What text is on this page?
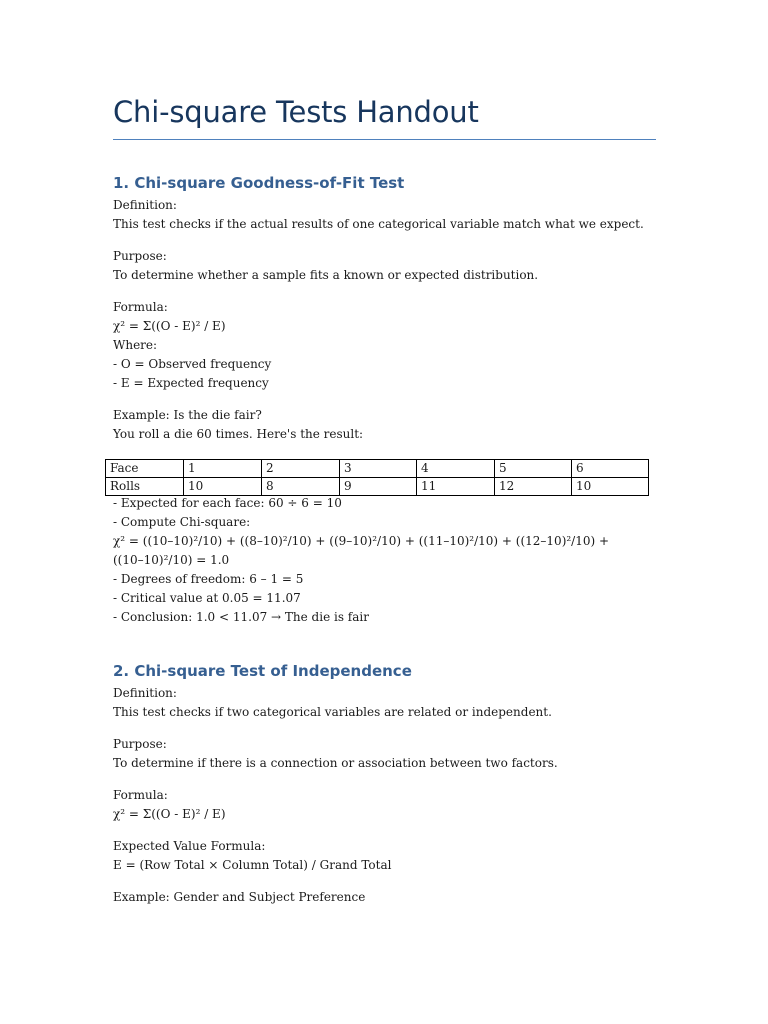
Chi-square Tests Handout
1. Chi-square Goodness-of-Fit Test
Definition:
This test checks if the actual results of one categorical variable match what we expect.
Purpose:
To determine whether a sample fits a known or expected distribution.
Formula:
χ² = Σ((O - E)² / E)
Where:
- O = Observed frequency
- E = Expected frequency
Example: Is the die fair?
You roll a die 60 times. Here's the result:
Face	1	2	3	4	5	6
Rolls	10	8	9	11	12	10
- Expected for each face: 60 ÷ 6 = 10
- Compute Chi-square:
χ² = ((10–10)²/10) + ((8–10)²/10) + ((9–10)²/10) + ((11–10)²/10) + ((12–10)²/10) +
((10–10)²/10) = 1.0
- Degrees of freedom: 6 – 1 = 5
- Critical value at 0.05 = 11.07
- Conclusion: 1.0 < 11.07 → The die is fair
2. Chi-square Test of Independence
Definition:
This test checks if two categorical variables are related or independent.
Purpose:
To determine if there is a connection or association between two factors.
Formula:
χ² = Σ((O - E)² / E)
Expected Value Formula:
E = (Row Total × Column Total) / Grand Total
Example: Gender and Subject Preference
